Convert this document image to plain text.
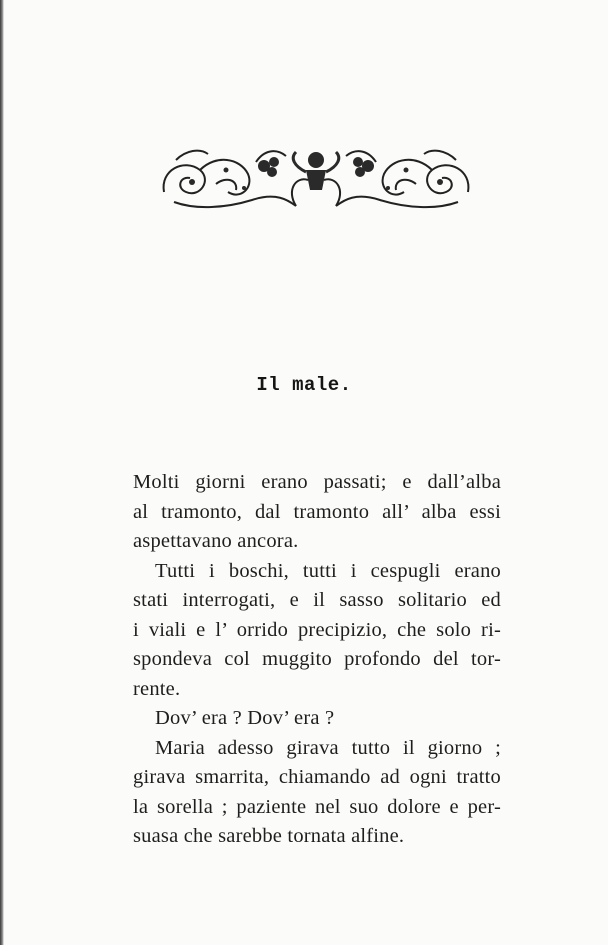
Il male.
Molti giorni erano passati; e dall’alba
al tramonto, dal tramonto all’ alba essi
aspettavano ancora.
Tutti i boschi, tutti i cespugli erano
stati interrogati, e il sasso solitario ed
i viali e l’ orrido precipizio, che solo ri-
spondeva col muggito profondo del tor-
rente.
Dov’ era ? Dov’ era ?
Maria adesso girava tutto il giorno ;
girava smarrita, chiamando ad ogni tratto
la sorella ; paziente nel suo dolore e per-
suasa che sarebbe tornata alfine.
